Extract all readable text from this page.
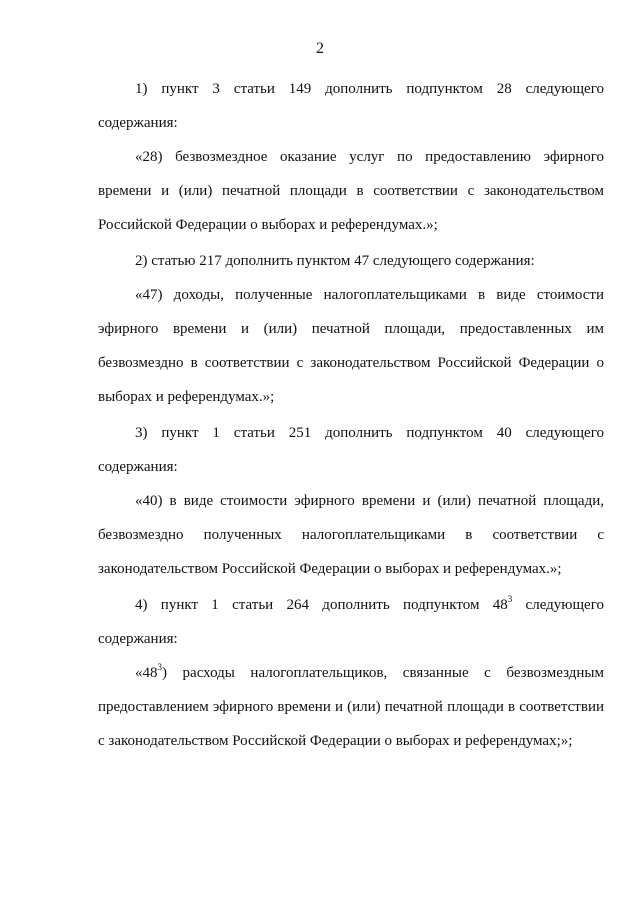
2

1) пункт 3 статьи 149 дополнить подпунктом 28 следующего содержания:

«28) безвозмездное оказание услуг по предоставлению эфирного времени и (или) печатной площади в соответствии с законодательством Российской Федерации о выборах и референдумах.»;

2) статью 217 дополнить пунктом 47 следующего содержания:

«47) доходы, полученные налогоплательщиками в виде стоимости эфирного времени и (или) печатной площади, предоставленных им безвозмездно в соответствии с законодательством Российской Федерации о выборах и референдумах.»;

3) пункт 1 статьи 251 дополнить подпунктом 40 следующего содержания:

«40) в виде стоимости эфирного времени и (или) печатной площади, безвозмездно полученных налогоплательщиками в соответствии с законодательством Российской Федерации о выборах и референдумах.»;

4) пункт 1 статьи 264 дополнить подпунктом $48^3$ следующего содержания:

«$48^3$) расходы налогоплательщиков, связанные с безвозмездным предоставлением эфирного времени и (или) печатной площади в соответствии с законодательством Российской Федерации о выборах и референдумах;»;
